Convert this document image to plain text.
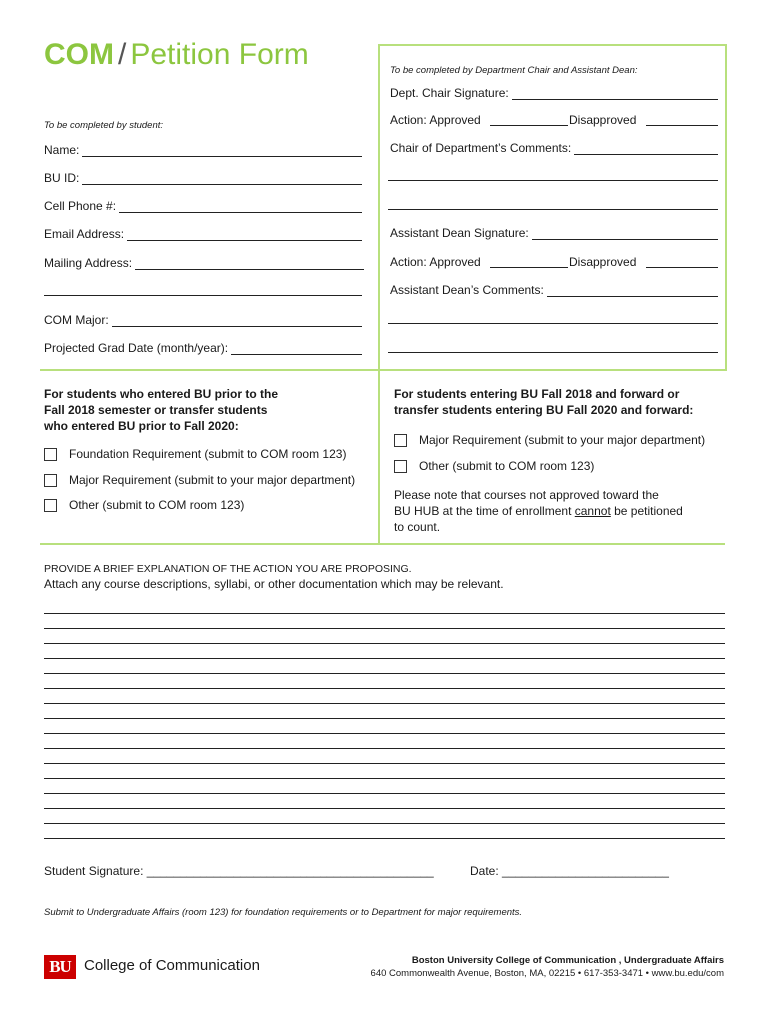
COM / Petition Form	To be completed by Department Chair and Assistant Dean:
Dept. Chair Signature:
Action: Approved	Disapproved
Chair of Department’s Comments:
Assistant Dean Signature:
Action: Approved	Disapproved
Assistant Dean’s Comments:
To be completed by student:
Name:
BU ID:
Cell Phone #:
Email Address:
Mailing Address:
COM Major:
Projected Grad Date (month/year):
For students who entered BU prior to the
Fall 2018 semester or transfer students
who entered BU prior to Fall 2020:
Foundation Requirement (submit to COM room 123)
Major Requirement (submit to your major department)
Other (submit to COM room 123)
For students entering BU Fall 2018 and forward or
transfer students entering BU Fall 2020 and forward:
Major Requirement (submit to your major department)
Other (submit to COM room 123)
Please note that courses not approved toward the
BU HUB at the time of enrollment cannot be petitioned
to count.
PROVIDE A BRIEF EXPLANATION OF THE ACTION YOU ARE PROPOSING.
Attach any course descriptions, syllabi, or other documentation which may be relevant.
Student Signature: ___________________________________________	Date: _________________________
Submit to Undergraduate Affairs (room 123) for foundation requirements or to Department for major requirements.
BU College of Communication	Boston University College of Communication , Undergraduate Affairs
640 Commonwealth Avenue, Boston, MA, 02215 • 617-353-3471 • www.bu.edu/com
